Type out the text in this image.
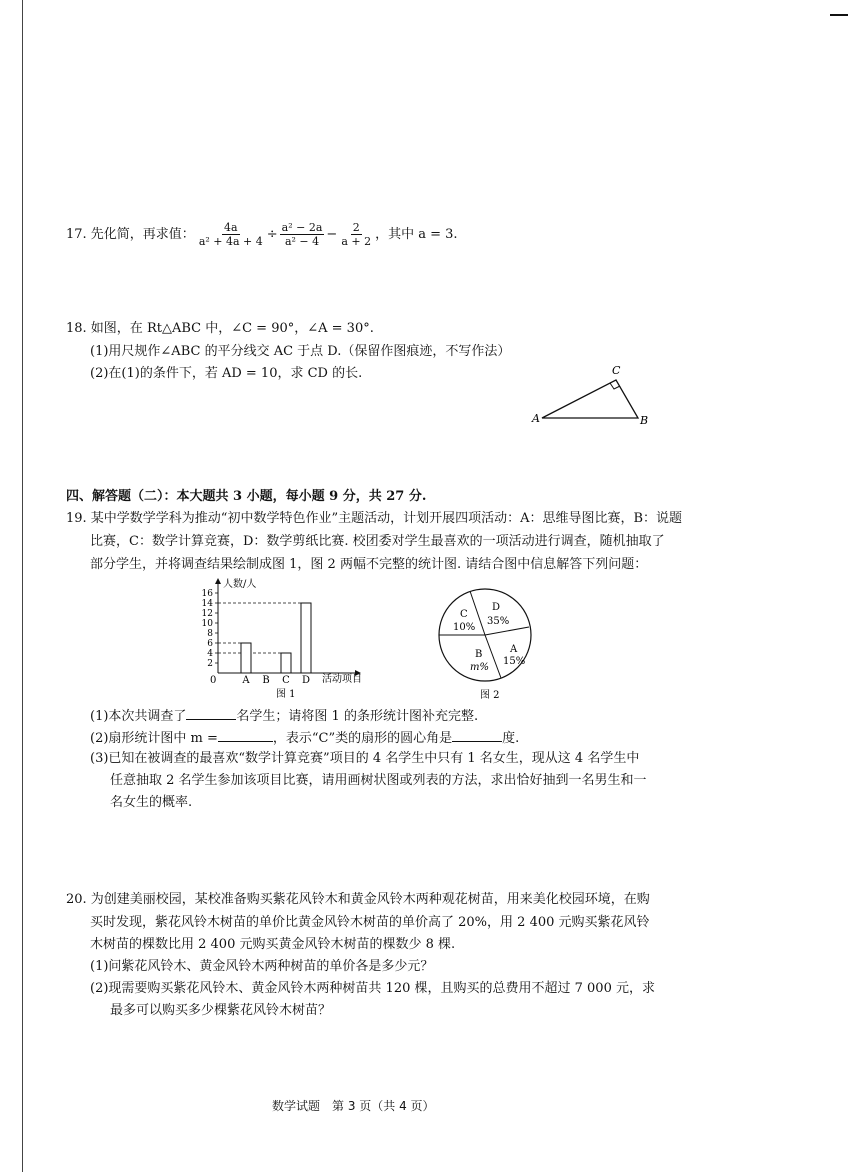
17. 先化简，再求值： $\frac{4a}{\text{a² + 4a + 4}} \div \frac{\text{a² − 2a}}{\text{a² − 4}} - \frac{2}{a + 2}$ ，其中 a = 3.
18. 如图，在 Rt△ABC 中，∠C = 90°，∠A = 30°.
(1)用尺规作∠ABC 的平分线交 AC 于点 D.（保留作图痕迹，不写作法）
(2)在(1)的条件下，若 AD = 10，求 CD 的长.
A	B
C
四、解答题（二）：本大题共 3 小题，每小题 9 分，共 27 分.
19. 某中学数学学科为推动“初中数学特色作业”主题活动，计划开展四项活动：A：思维导图比赛，B：说题
比赛，C：数学计算竞赛，D：数学剪纸比赛. 校团委对学生最喜欢的一项活动进行调查，随机抽取了
部分学生，并将调查结果绘制成图 1，图 2 两幅不完整的统计图. 请结合图中信息解答下列问题：
人数/人
活动项目
0
图 1
2
4
6
8
10
12
14
16
A B C D
D
35%
C
10%
B
m%
A
15%
图 2
(1)本次共调查了	名学生；请将图 1 的条形统计图补充完整.
(2)扇形统计图中 m =	，表示“C”类的扇形的圆心角是	度.
(3)已知在被调查的最喜欢“数学计算竞赛”项目的 4 名学生中只有 1 名女生，现从这 4 名学生中
任意抽取 2 名学生参加该项目比赛，请用画树状图或列表的方法，求出恰好抽到一名男生和一
名女生的概率.
20. 为创建美丽校园，某校准备购买紫花风铃木和黄金风铃木两种观花树苗，用来美化校园环境，在购
买时发现，紫花风铃木树苗的单价比黄金风铃木树苗的单价高了 20%，用 2 400 元购买紫花风铃
木树苗的棵数比用 2 400 元购买黄金风铃木树苗的棵数少 8 棵.
(1)问紫花风铃木、黄金风铃木两种树苗的单价各是多少元？
(2)现需要购买紫花风铃木、黄金风铃木两种树苗共 120 棵，且购买的总费用不超过 7 000 元，求
最多可以购买多少棵紫花风铃木树苗？
数学试题　第 3 页（共 4 页）
